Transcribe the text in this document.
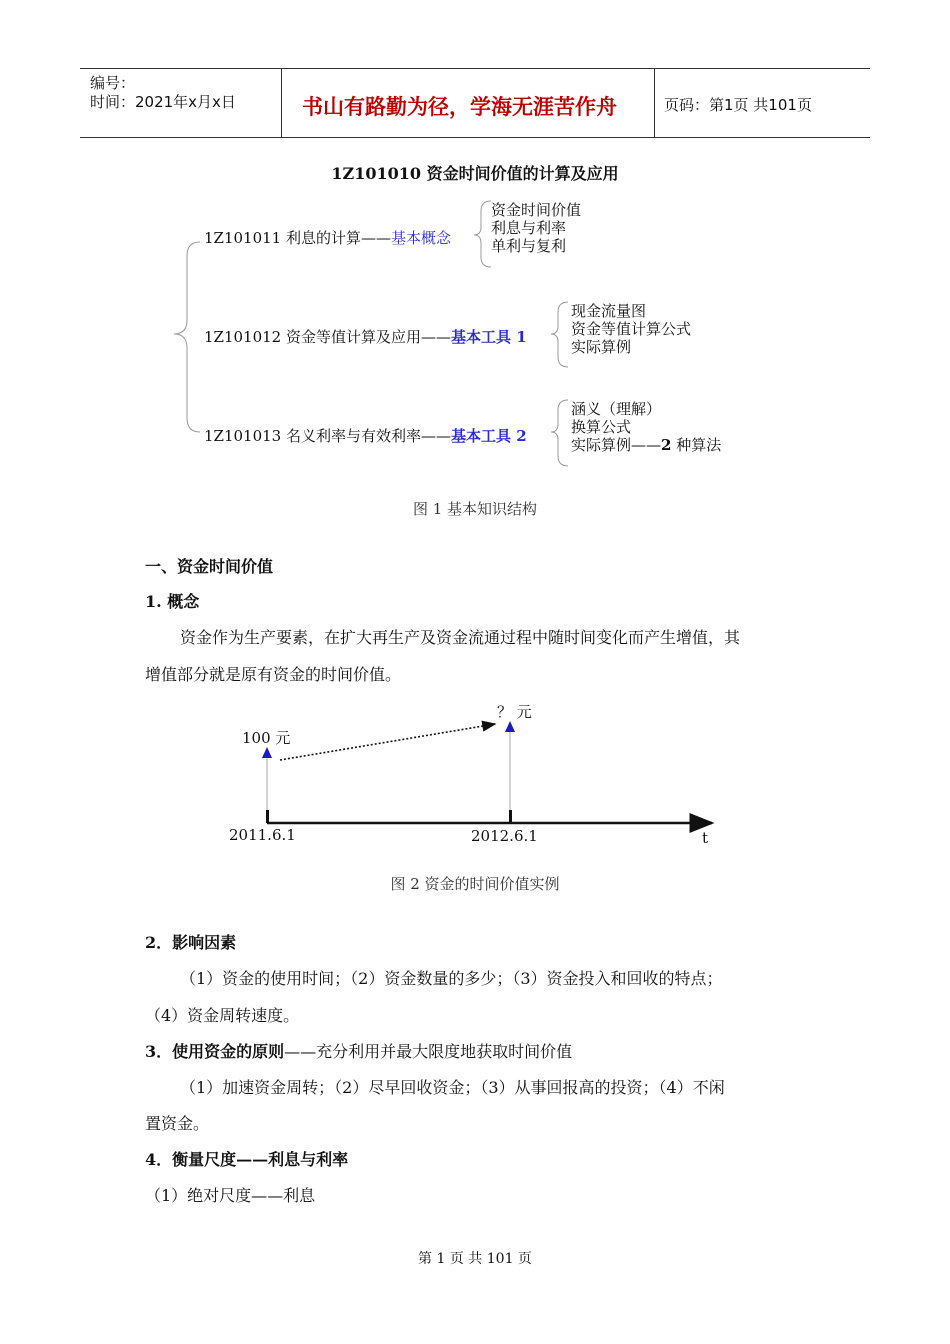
编号：
时间：2021年x月x日	书山有路勤为径，学海无涯苦作舟	页码：第1页 共101页
1Z101010 资金时间价值的计算及应用
1Z101011 利息的计算——基本概念
资金时间价值
利息与利率
单利与复利
1Z101012 资金等值计算及应用——基本工具 1
现金流量图
资金等值计算公式
实际算例
1Z101013 名义利率与有效利率——基本工具 2
涵义（理解）
换算公式
实际算例——2 种算法
图 1 基本知识结构
一、资金时间价值
1. 概念
资金作为生产要素，在扩大再生产及资金流通过程中随时间变化而产生增值，其
增值部分就是原有资金的时间价值。
100 元
？ 元
2011.6.1	2012.6.1	t
图 2 资金的时间价值实例
2．影响因素
（1）资金的使用时间；（2）资金数量的多少；（3）资金投入和回收的特点；
（4）资金周转速度。
3．使用资金的原则——充分利用并最大限度地获取时间价值
（1）加速资金周转；（2）尽早回收资金；（3）从事回报高的投资；（4）不闲
置资金。
4．衡量尺度——利息与利率
（1）绝对尺度——利息
第 1 页 共 101 页
